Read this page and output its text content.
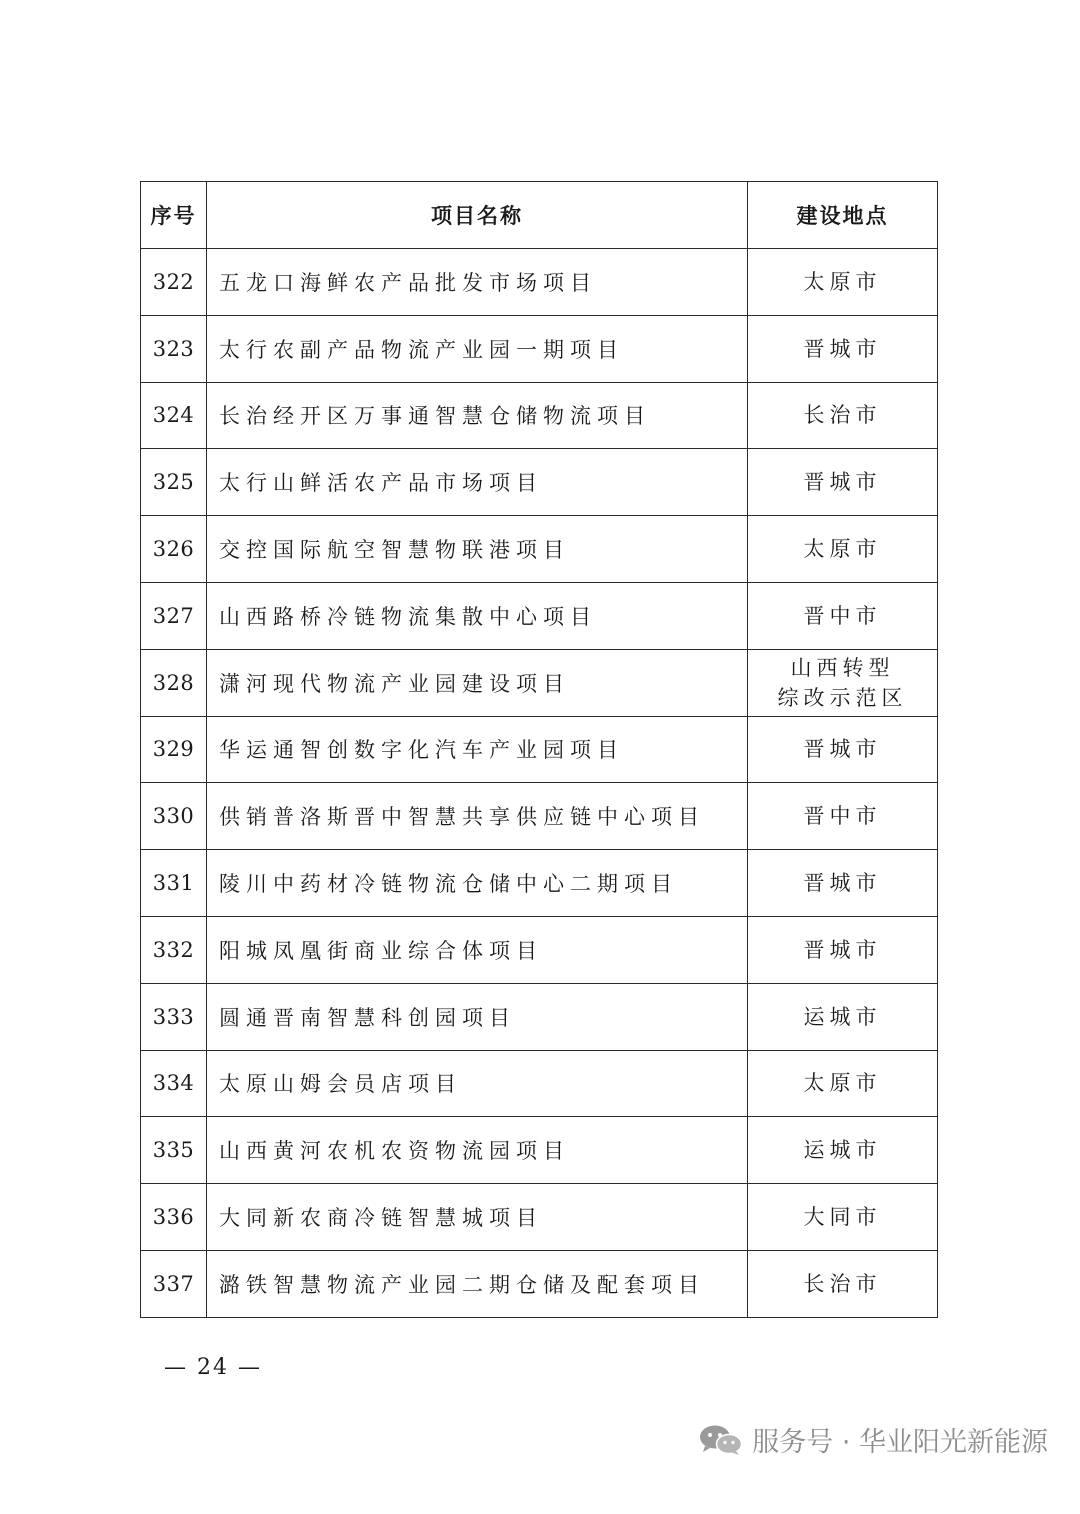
序号	项目名称	建设地点
322	五龙口海鲜农产品批发市场项目	太原市
323	太行农副产品物流产业园一期项目	晋城市
324	长治经开区万事通智慧仓储物流项目	长治市
325	太行山鲜活农产品市场项目	晋城市
326	交控国际航空智慧物联港项目	太原市
327	山西路桥冷链物流集散中心项目	晋中市
328	潇河现代物流产业园建设项目	山西转型
综改示范区

329	华运通智创数字化汽车产业园项目	晋城市
330	供销普洛斯晋中智慧共享供应链中心项目	晋中市
331	陵川中药材冷链物流仓储中心二期项目	晋城市
332	阳城凤凰街商业综合体项目	晋城市
333	圆通晋南智慧科创园项目	运城市
334	太原山姆会员店项目	太原市
335	山西黄河农机农资物流园项目	运城市
336	大同新农商冷链智慧城项目	大同市
337	潞铁智慧物流产业园二期仓储及配套项目	长治市
— 24 —
服务号 · 华业阳光新能源
